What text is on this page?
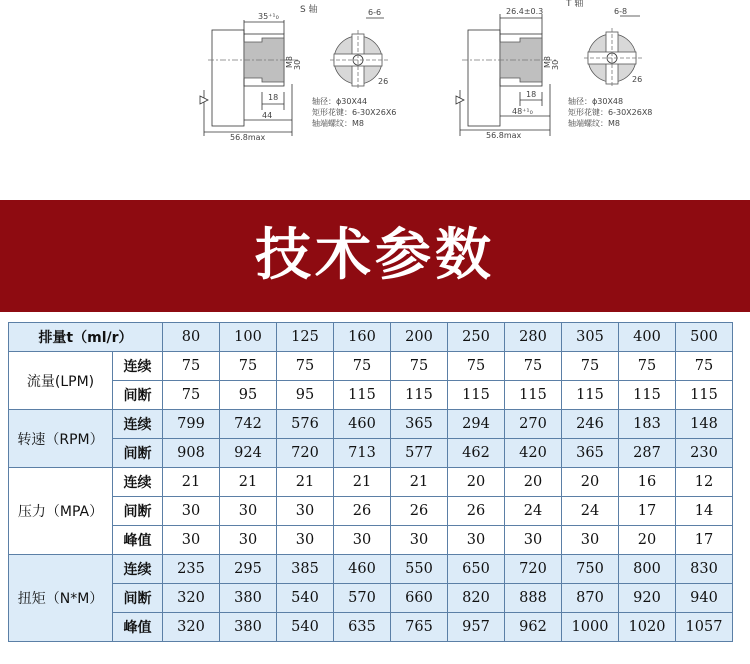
S 轴
35⁺¹₀	6-6
26
18
44
56.8max
30
M8
轴径：ϕ30X44
矩形花键：6-30X26X6
轴端螺纹：M8
T 轴
26.4±0.3	6-8
26
18
48⁺¹₀
56.8max
30
M8
轴径：ϕ30X48
矩形花键：6-30X26X8
轴端螺纹：M8
技术参数
排量t（ml/r）		80	100	125	160	200	250	280	305	400	500
流量(LPM)	连续	75	75	75	75	75	75	75	75	75	75
	间断	75	95	95	115	115	115	115	115	115	115
转速（RPM）	连续	799	742	576	460	365	294	270	246	183	148
	间断	908	924	720	713	577	462	420	365	287	230
压力（MPA）	连续	21	21	21	21	21	20	20	20	16	12
	间断	30	30	30	26	26	26	24	24	17	14
	峰值	30	30	30	30	30	30	30	30	20	17
扭矩（N*M）	连续	235	295	385	460	550	650	720	750	800	830
	间断	320	380	540	570	660	820	888	870	920	940
	峰值	320	380	540	635	765	957	962	1000	1020	1057
